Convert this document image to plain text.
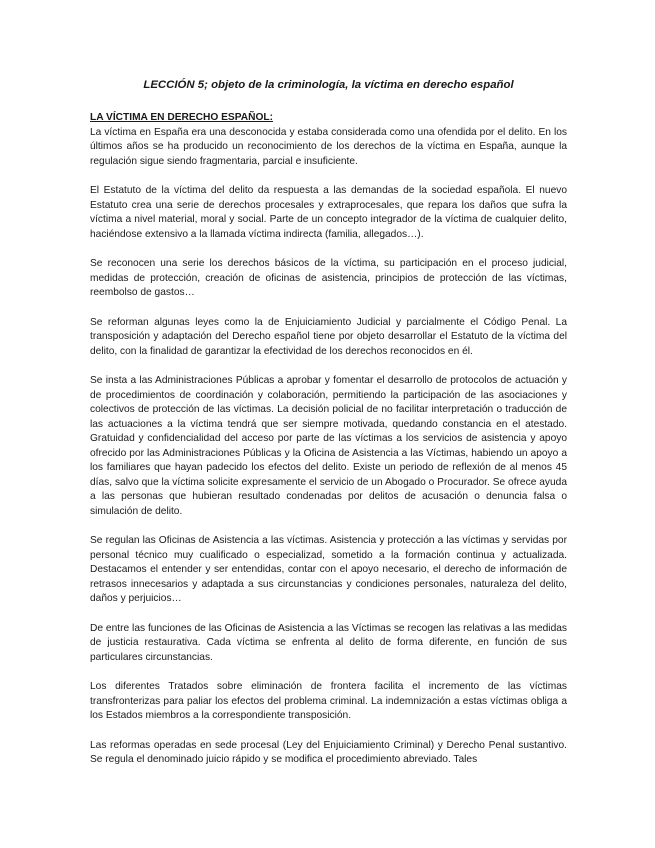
LECCIÓN 5; objeto de la criminología, la víctima en derecho español
LA VÍCTIMA EN DERECHO ESPAÑOL:

La víctima en España era una desconocida y estaba considerada como una ofendida por el delito. En los últimos años se ha producido un reconocimiento de los derechos de la víctima en España, aunque la regulación sigue siendo fragmentaria, parcial e insuficiente.

El Estatuto de la víctima del delito da respuesta a las demandas de la sociedad española. El nuevo Estatuto crea una serie de derechos procesales y extraprocesales, que repara los daños que sufra la víctima a nivel material, moral y social. Parte de un concepto integrador de la víctima de cualquier delito, haciéndose extensivo a la llamada víctima indirecta (familia, allegados…).

Se reconocen una serie los derechos básicos de la víctima, su participación en el proceso judicial, medidas de protección, creación de oficinas de asistencia, principios de protección de las víctimas, reembolso de gastos…

Se reforman algunas leyes como la de Enjuiciamiento Judicial y parcialmente el Código Penal. La transposición y adaptación del Derecho español tiene por objeto desarrollar el Estatuto de la víctima del delito, con la finalidad de garantizar la efectividad de los derechos reconocidos en él.

Se insta a las Administraciones Públicas a aprobar y fomentar el desarrollo de protocolos de actuación y de procedimientos de coordinación y colaboración, permitiendo la participación de las asociaciones y colectivos de protección de las víctimas. La decisión policial de no facilitar interpretación o traducción de las actuaciones a la víctima tendrá que ser siempre motivada, quedando constancia en el atestado. Gratuidad y confidencialidad del acceso por parte de las víctimas a los servicios de asistencia y apoyo ofrecido por las Administraciones Públicas y la Oficina de Asistencia a las Víctimas, habiendo un apoyo a los familiares que hayan padecido los efectos del delito. Existe un periodo de reflexión de al menos 45 días, salvo que la víctima solicite expresamente el servicio de un Abogado o Procurador. Se ofrece ayuda a las personas que hubieran resultado condenadas por delitos de acusación o denuncia falsa o simulación de delito.

Se regulan las Oficinas de Asistencia a las víctimas. Asistencia y protección a las víctimas y servidas por personal técnico muy cualificado o especializad, sometido a la formación continua y actualizada. Destacamos el entender y ser entendidas, contar con el apoyo necesario, el derecho de información de retrasos innecesarios y adaptada a sus circunstancias y condiciones personales, naturaleza del delito, daños y perjuicios…

De entre las funciones de las Oficinas de Asistencia a las Víctimas se recogen las relativas a las medidas de justicia restaurativa. Cada víctima se enfrenta al delito de forma diferente, en función de sus particulares circunstancias.

Los diferentes Tratados sobre eliminación de frontera facilita el incremento de las víctimas transfronterizas para paliar los efectos del problema criminal. La indemnización a estas víctimas obliga a los Estados miembros a la correspondiente transposición.

Las reformas operadas en sede procesal (Ley del Enjuiciamiento Criminal) y Derecho Penal sustantivo. Se regula el denominado juicio rápido y se modifica el procedimiento abreviado. Tales
